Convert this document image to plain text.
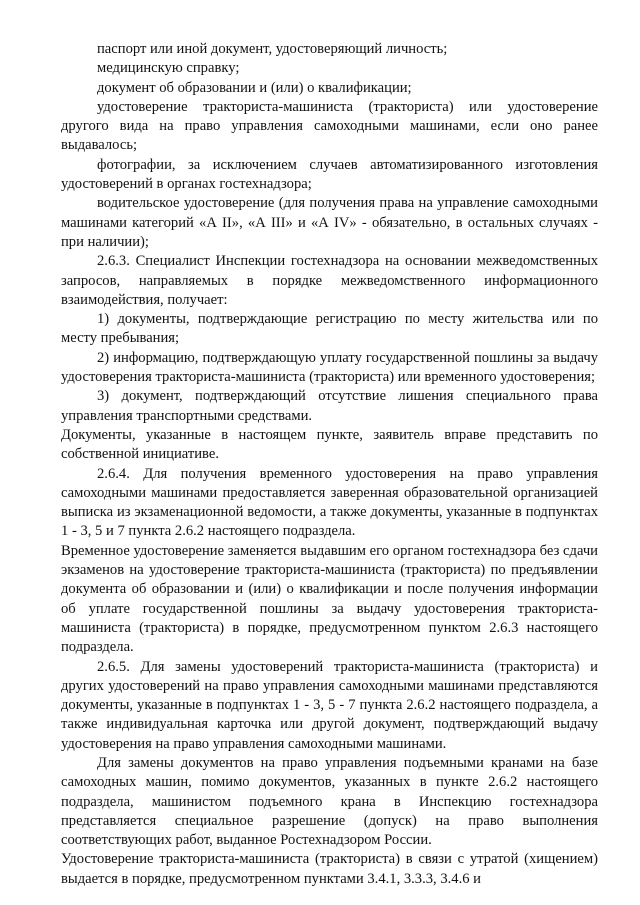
паспорт или иной документ, удостоверяющий личность;

медицинскую справку;

документ об образовании и (или) о квалификации;

удостоверение тракториста-машиниста (тракториста) или удостоверение другого вида на право управления самоходными машинами, если оно ранее выдавалось;

фотографии, за исключением случаев автоматизированного изготовления удостоверений в органах гостехнадзора;

водительское удостоверение (для получения права на управление самоходными машинами категорий «А II», «А III» и «А IV» - обязательно, в остальных случаях - при наличии);

2.6.3. Специалист Инспекции гостехнадзора на основании межведомственных запросов, направляемых в порядке межведомственного информационного взаимодействия, получает:

1) документы, подтверждающие регистрацию по месту жительства или по месту пребывания;

2) информацию, подтверждающую уплату государственной пошлины за выдачу удостоверения тракториста-машиниста (тракториста) или временного удостоверения;

3) документ, подтверждающий отсутствие лишения специального права управления транспортными средствами.

Документы, указанные в настоящем пункте, заявитель вправе представить по собственной инициативе.

2.6.4. Для получения временного удостоверения на право управления самоходными машинами предоставляется заверенная образовательной организацией выписка из экзаменационной ведомости, а также документы, указанные в подпунктах 1 - 3, 5 и 7 пункта 2.6.2 настоящего подраздела.

Временное удостоверение заменяется выдавшим его органом гостехнадзора без сдачи экзаменов на удостоверение тракториста-машиниста (тракториста) по предъявлении документа об образовании и (или) о квалификации и после получения информации об уплате государственной пошлины за выдачу удостоверения тракториста-машиниста (тракториста) в порядке, предусмотренном пунктом 2.6.3 настоящего подраздела.

2.6.5. Для замены удостоверений тракториста-машиниста (тракториста) и других удостоверений на право управления самоходными машинами представляются документы, указанные в подпунктах 1 - 3, 5 - 7 пункта 2.6.2 настоящего подраздела, а также индивидуальная карточка или другой документ, подтверждающий выдачу удостоверения на право управления самоходными машинами.

Для замены документов на право управления подъемными кранами на базе самоходных машин, помимо документов, указанных в пункте 2.6.2 настоящего подраздела, машинистом подъемного крана в Инспекцию гостехнадзора представляется специальное разрешение (допуск) на право выполнения соответствующих работ, выданное Ростехнадзором России.

Удостоверение тракториста-машиниста (тракториста) в связи с утратой (хищением) выдается в порядке, предусмотренном пунктами 3.4.1, 3.3.3, 3.4.6 и
